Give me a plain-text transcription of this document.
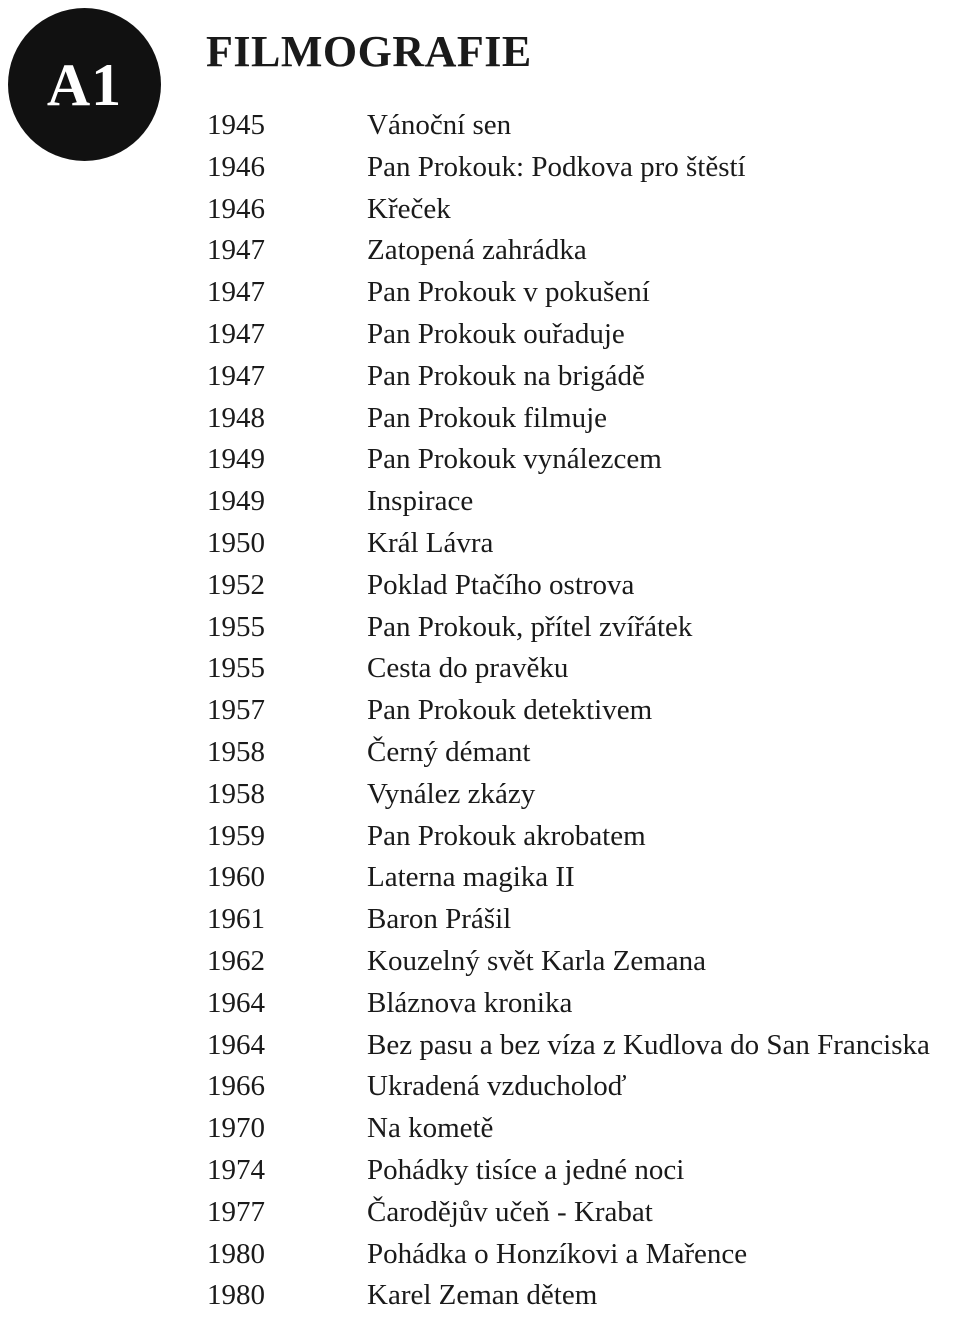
A1
FILMOGRAFIE
1945	Vánoční sen
1946	Pan Prokouk: Podkova pro štěstí
1946	Křeček
1947	Zatopená zahrádka
1947	Pan Prokouk v pokušení
1947	Pan Prokouk ouřaduje
1947	Pan Prokouk na brigádě
1948	Pan Prokouk filmuje
1949	Pan Prokouk vynálezcem
1949	Inspirace
1950	Král Lávra
1952	Poklad Ptačího ostrova
1955	Pan Prokouk, přítel zvířátek
1955	Cesta do pravěku
1957	Pan Prokouk detektivem
1958	Černý démant
1958	Vynález zkázy
1959	Pan Prokouk akrobatem
1960	Laterna magika II
1961	Baron Prášil
1962	Kouzelný svět Karla Zemana
1964	Bláznova kronika
1964	Bez pasu a bez víza z Kudlova do San Franciska
1966	Ukradená vzducholoď
1970	Na kometě
1974	Pohádky tisíce a jedné noci
1977	Čarodějův učeň - Krabat
1980	Pohádka o Honzíkovi a Mařence
1980	Karel Zeman dětem
